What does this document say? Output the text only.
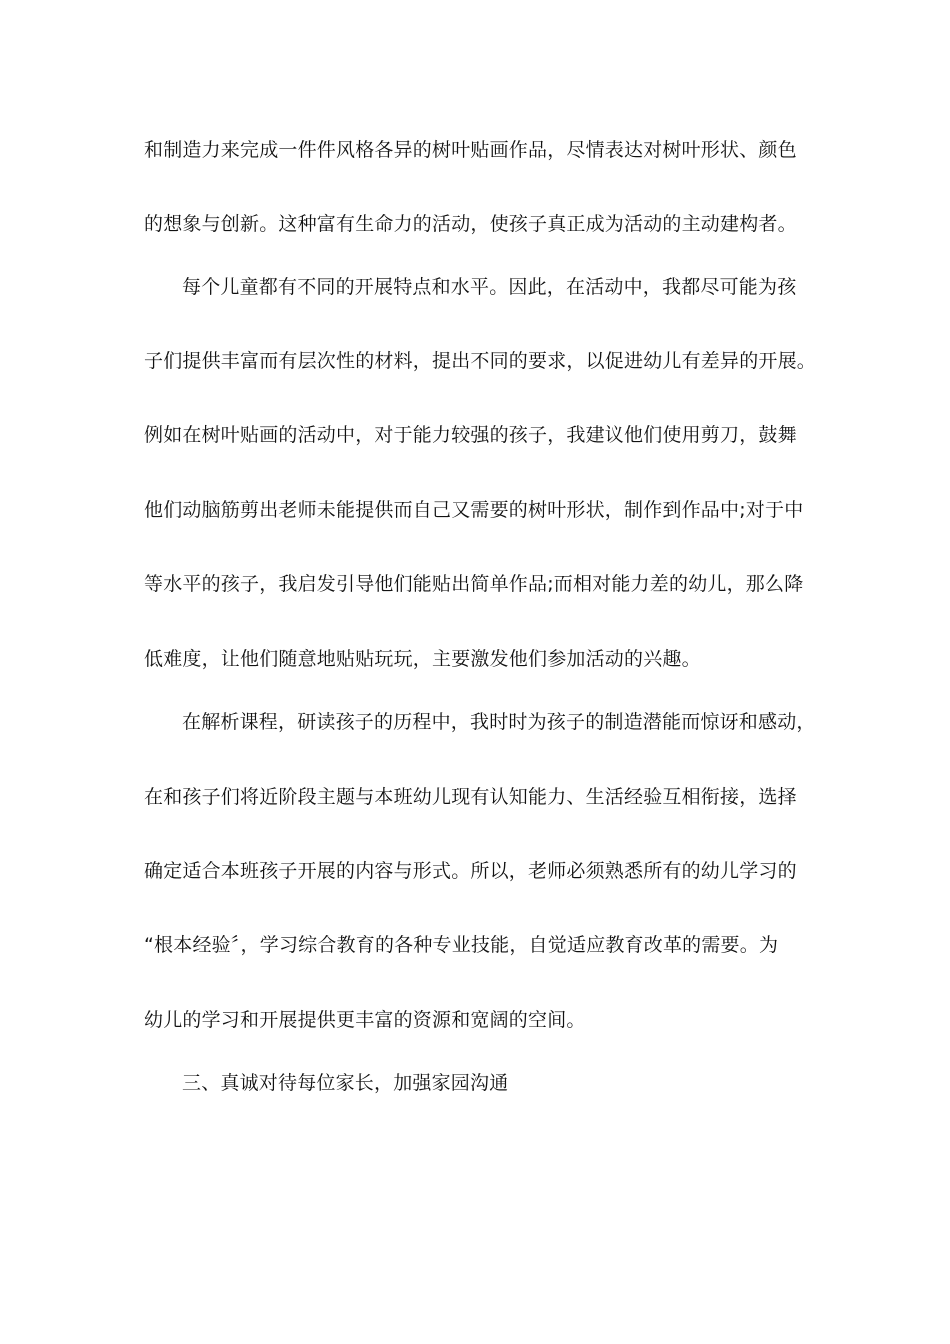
和制造力来完成一件件风格各异的树叶贴画作品，尽情表达对树叶形状、颜色
的想象与创新。这种富有生命力的活动，使孩子真正成为活动的主动建构者。
每个儿童都有不同的开展特点和水平。因此，在活动中，我都尽可能为孩
子们提供丰富而有层次性的材料，提出不同的要求，以促进幼儿有差异的开展。
例如在树叶贴画的活动中，对于能力较强的孩子，我建议他们使用剪刀，鼓舞
他们动脑筋剪出老师未能提供而自己又需要的树叶形状，制作到作品中;对于中
等水平的孩子，我启发引导他们能贴出简单作品;而相对能力差的幼儿，那么降
低难度，让他们随意地贴贴玩玩，主要激发他们参加活动的兴趣。
在解析课程，研读孩子的历程中，我时时为孩子的制造潜能而惊讶和感动，
在和孩子们将近阶段主题与本班幼儿现有认知能力、生活经验互相衔接，选择
确定适合本班孩子开展的内容与形式。所以，老师必须熟悉所有的幼儿学习的
“根本经验〞，学习综合教育的各种专业技能，自觉适应教育改革的需要。为
幼儿的学习和开展提供更丰富的资源和宽阔的空间。
三、真诚对待每位家长，加强家园沟通
